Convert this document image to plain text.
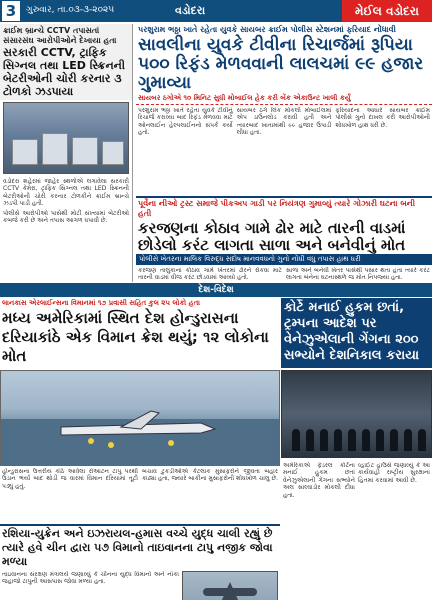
3	ગુરુવાર, તા.૦૩-૩-૨૦૨૫	વડોદરા	મેઈલ વડોદરા
ક્રાઈમ બ્રાન્ચે CCTV તપાસતાં સંસારસંઘ આરોપીઓને દેખાયા હતા
સરકારી CCTV, ટ્રાફિક સિગ્નલ તથા LED સ્ક્રિનની બેટરીઓની ચોરી કરનાર ૩ ટોળકો ઝડપાયા

વડોદરા શહેરમાં જાહેર સ્થળોએ લગાવેલા સરકારી CCTV કેમેરા, ટ્રાફિક સિગ્નલ તથા LED સ્ક્રિનની બેટરીઓની ચોરી કરનાર ટોળકીને ક્રાઈમ બ્રાન્ચે ઝડપી પાડી હતી.

પોલીસે આરોપીઓ પાસેથી મોટી સંખ્યામાં બેટરીઓ કબજે કરી છે અને તપાસ આગળ ધપાવી છે.

પરશુરામ ભઠ્ઠા ખાતે રહેતા યુવકે સાયબર ક્રાઈમ પોલીસ સ્ટેશનમાં ફરિયાદ નોંધાવી
સાવલીના યુવકે ટીવીના રિચાર્જમાં રૂપિયા ૫૦૦ રિફંડ મેળવવાની લાલચમાં ૯૯ હજાર ગુમાવ્યા
સાયબર ઠગોએ ૧૦ મિનિટ સુધી મોબાઈલ હેક કરી બેંક એકાઉન્ટ ખાલી કર્યું
પરશુરામ ભઠ્ઠા ખાતે રહેતા યુવકે ટીવીનું રિચાર્જ કરાવ્યા બાદ રિફંડ મેળવવા માટે ઓનલાઈન હેલ્પલાઈનનો સંપર્ક કર્યો હતો.
સાયબર ઠગે લિંક મોકલી મોબાઈલમાં એપ ડાઉનલોડ કરાવી હતી અને ત્યારબાદ ખાતામાંથી ૯૯ હજાર ઉપાડી લીધા હતા.
ફરિયાદના આધારે સાયબર ક્રાઈમ પોલીસે ગુનો દાખલ કરી આરોપીઓની શોધખોળ હાથ ધરી છે.
પૂર્વેના નીઓ ટ્રસ્ટ સમાજે પીકઅપ ગાડી પર નિયંત્રણ ગુમાવ્યું ત્યારે ગોઝારી ઘટના બની હતી
કરજણના કોઠાવ ગામે ઢોર માટે તારની વાડમાં છોડેલો કરંટ લાગતા સાળા અને બનેવીનું મોત
પોલીસે ખેતરના માલિક વિરુદ્ધ સદોષ માનવવધનો ગુનો નોંધી વધુ તપાસ હાથ ધરી
કરજણ તાલુકાના કોઠાવ ગામે ખેતરમાં ઢોરને રોકવા માટે તારની વાડમાં વીજ કરંટ છોડવામાં આવ્યો હતો.
સાળા અને બનેવી ખેતર પાસેથી પસાર થતા હતા ત્યારે કરંટ લાગતા બંનેના ઘટનાસ્થળે જ મોત નિપજ્યા હતા.
દેશ-વિદેશ
લાનકાસ એરલાઈન્સના વિમાનમાં ૧૭ પ્રવાસી સહિત કુલ ૨૫ લોકો હતા
મધ્ય અમેરિકામાં સ્થિત દેશ હોન્ડુરાસના દરિયાકાંઠે એક વિમાન ક્રેશ થયું; ૧૨ લોકોના મોત
કોર્ટે મનાઈ હુકમ છતાં, ટ્રમ્પના આદેશ પર વેનેઝુએલાની ગેંગના ૨૦૦ સભ્યોને દેશનિકાલ કરાયા
હોન્ડુરાસના ઉત્તરીય કાંઠે આવેલા રોઆટન ટાપુ પરથી ઉડાન ભર્યા બાદ થોડી જ વારમાં વિમાન દરિયામાં તૂટી પડ્યું હતું.
બચાવ ટુકડીઓએ કેટલાક મુસાફરોને જીવતા બહાર કાઢ્યા હતા, જ્યારે બાકીના મુસાફરોની શોધખોળ ચાલુ છે.
અમેરિકાએ ફેડરલ કોર્ટના મનાઈ હુકમ છતાં વેનેઝુએલાની ગેંગના સભ્યોને અલ સાલ્વાડોર મોકલી દીધા હતા.
વ્હાઈટ હાઉસે જણાવ્યું કે આ કાર્યવાહી રાષ્ટ્રીય સુરક્ષાના હિતમાં કરવામાં આવી છે.
રશિયા-યુક્રેન અને ઇઝરાયલ-હમાસ વચ્ચે યુદ્ધ ચાલી રહ્યું છે ત્યારે હવે ચીન દ્વારા ૫૭ વિમાનો તાઇવાનના ટાપુ નજીક જોવા મળ્યા
તાઇવાનના સંરક્ષણ મંત્રાલયે જણાવ્યું કે ચીનના યુદ્ધ વિમાનો અને નૌકા જહાજો ટાપુની આસપાસ જોવા મળ્યા હતા.
